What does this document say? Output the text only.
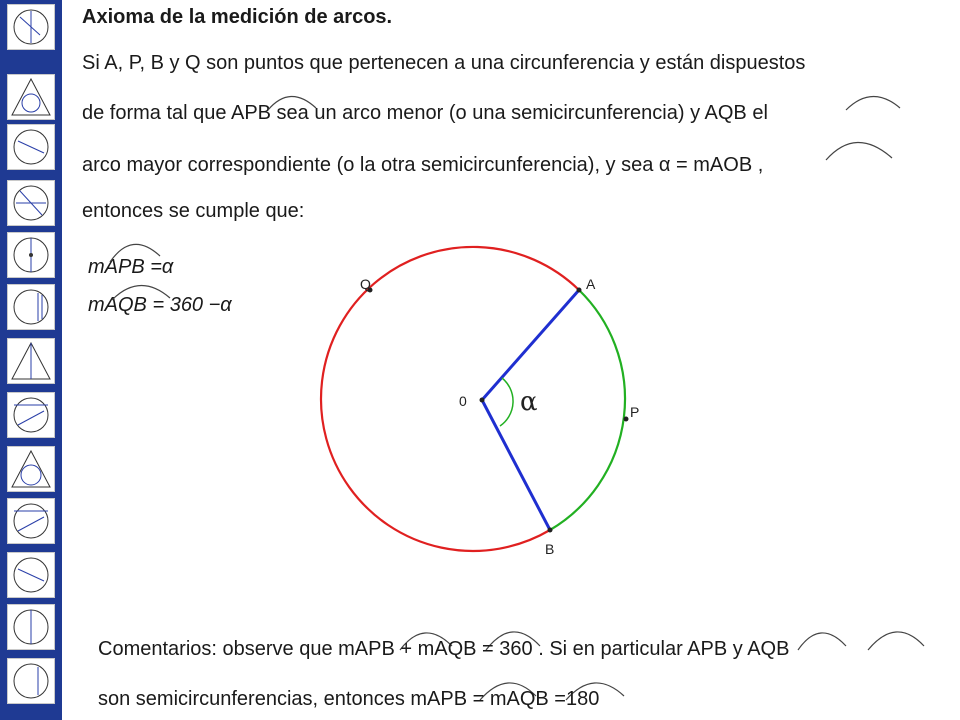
Axioma de la medición de arcos.
Si A, P, B y Q son puntos que pertenecen a una circunferencia y están dispuestos
de forma tal que APB sea un arco menor (o una semicircunferencia) y AQB el
arco mayor correspondiente (o la otra semicircunferencia), y sea α = mAOB ,
entonces se cumple que:
mAPB =α
mAQB = 360 −α
Q	A
P
B
0 α
Comentarios: observe que mAPB + mAQB = 360 . Si en particular APB y AQB
son semicircunferencias, entonces mAPB = mAQB =180
